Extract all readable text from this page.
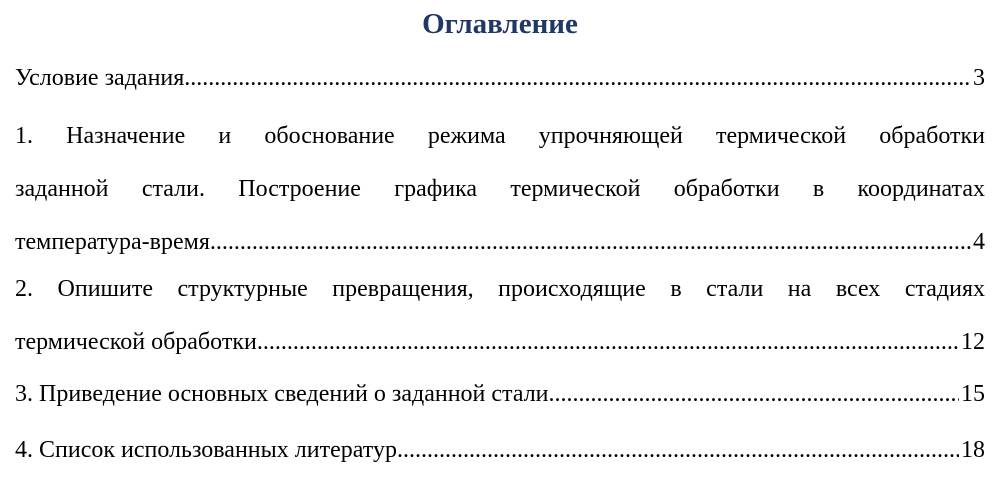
Оглавление
Условие задания .....	3
1. Назначение и обоснование режима упрочняющей термической обработки
заданной стали. Построение графика термической обработки в координатах
температура-время. .....	4
2. Опишите структурные превращения, происходящие в стали на всех стадиях
термической обработки. .....	12
3. Приведение основных сведений о заданной стали .....	15
4. Список использованных литератур .....	18
